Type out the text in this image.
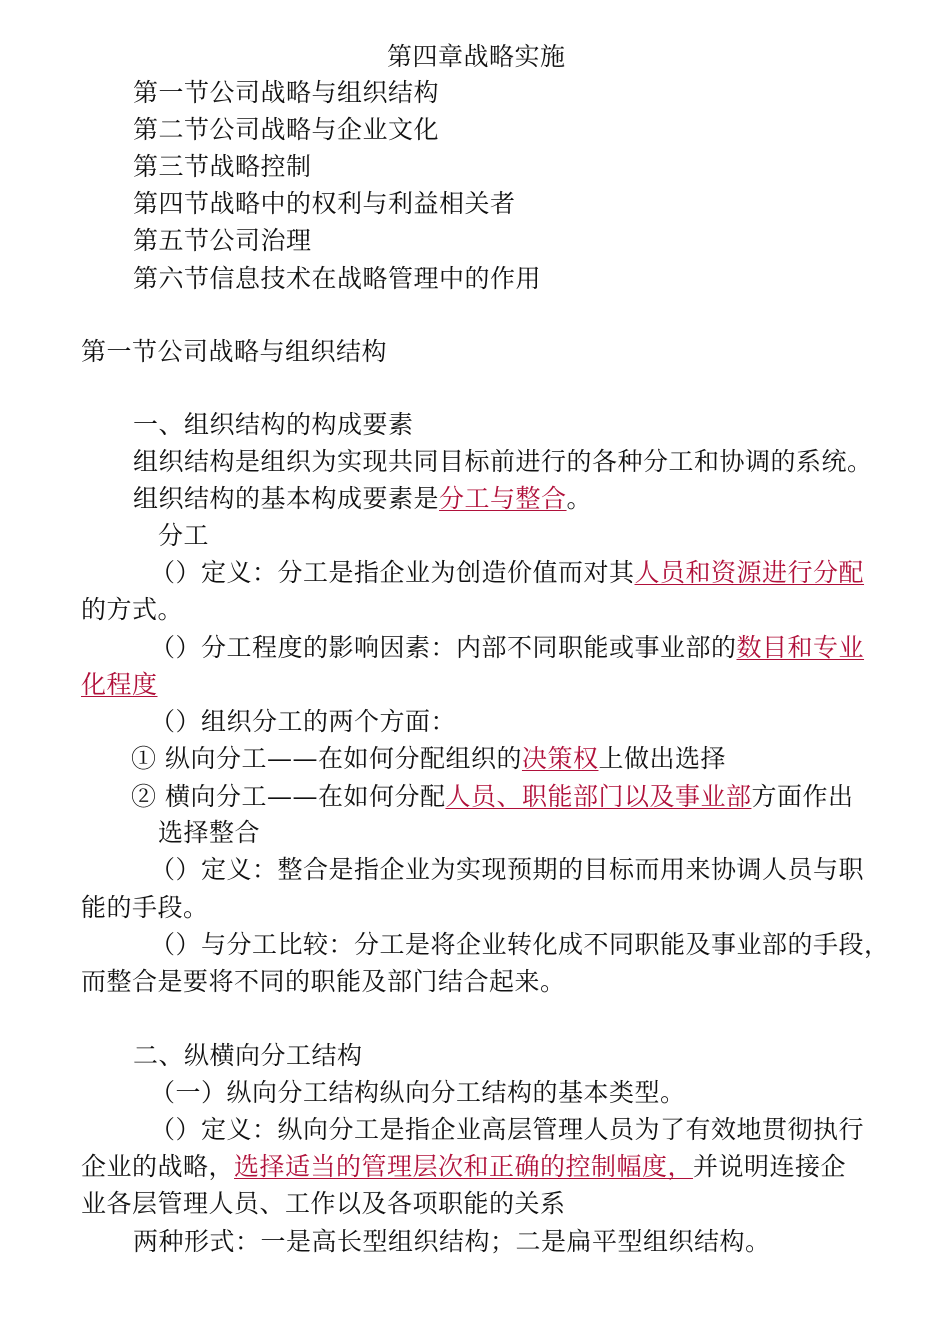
第四章战略实施
第一节公司战略与组织结构
第二节公司战略与企业文化
第三节战略控制
第四节战略中的权利与利益相关者
第五节公司治理
第六节信息技术在战略管理中的作用
第一节公司战略与组织结构
一、组织结构的构成要素
组织结构是组织为实现共同目标前进行的各种分工和协调的系统。
组织结构的基本构成要素是分工与整合。
分工
（）定义：分工是指企业为创造价值而对其人员和资源进行分配
的方式。
（）分工程度的影响因素：内部不同职能或事业部的数目和专业
化程度
（）组织分工的两个方面：
① 纵向分工——在如何分配组织的决策权上做出选择
② 横向分工——在如何分配人员、职能部门以及事业部方面作出
选择整合
（）定义：整合是指企业为实现预期的目标而用来协调人员与职
能的手段。
（）与分工比较：分工是将企业转化成不同职能及事业部的手段，
而整合是要将不同的职能及部门结合起来。
二、纵横向分工结构
（一）纵向分工结构纵向分工结构的基本类型。
（）定义：纵向分工是指企业高层管理人员为了有效地贯彻执行
企业的战略，选择适当的管理层次和正确的控制幅度，并说明连接企
业各层管理人员、工作以及各项职能的关系
两种形式：一是高长型组织结构；二是扁平型组织结构。
